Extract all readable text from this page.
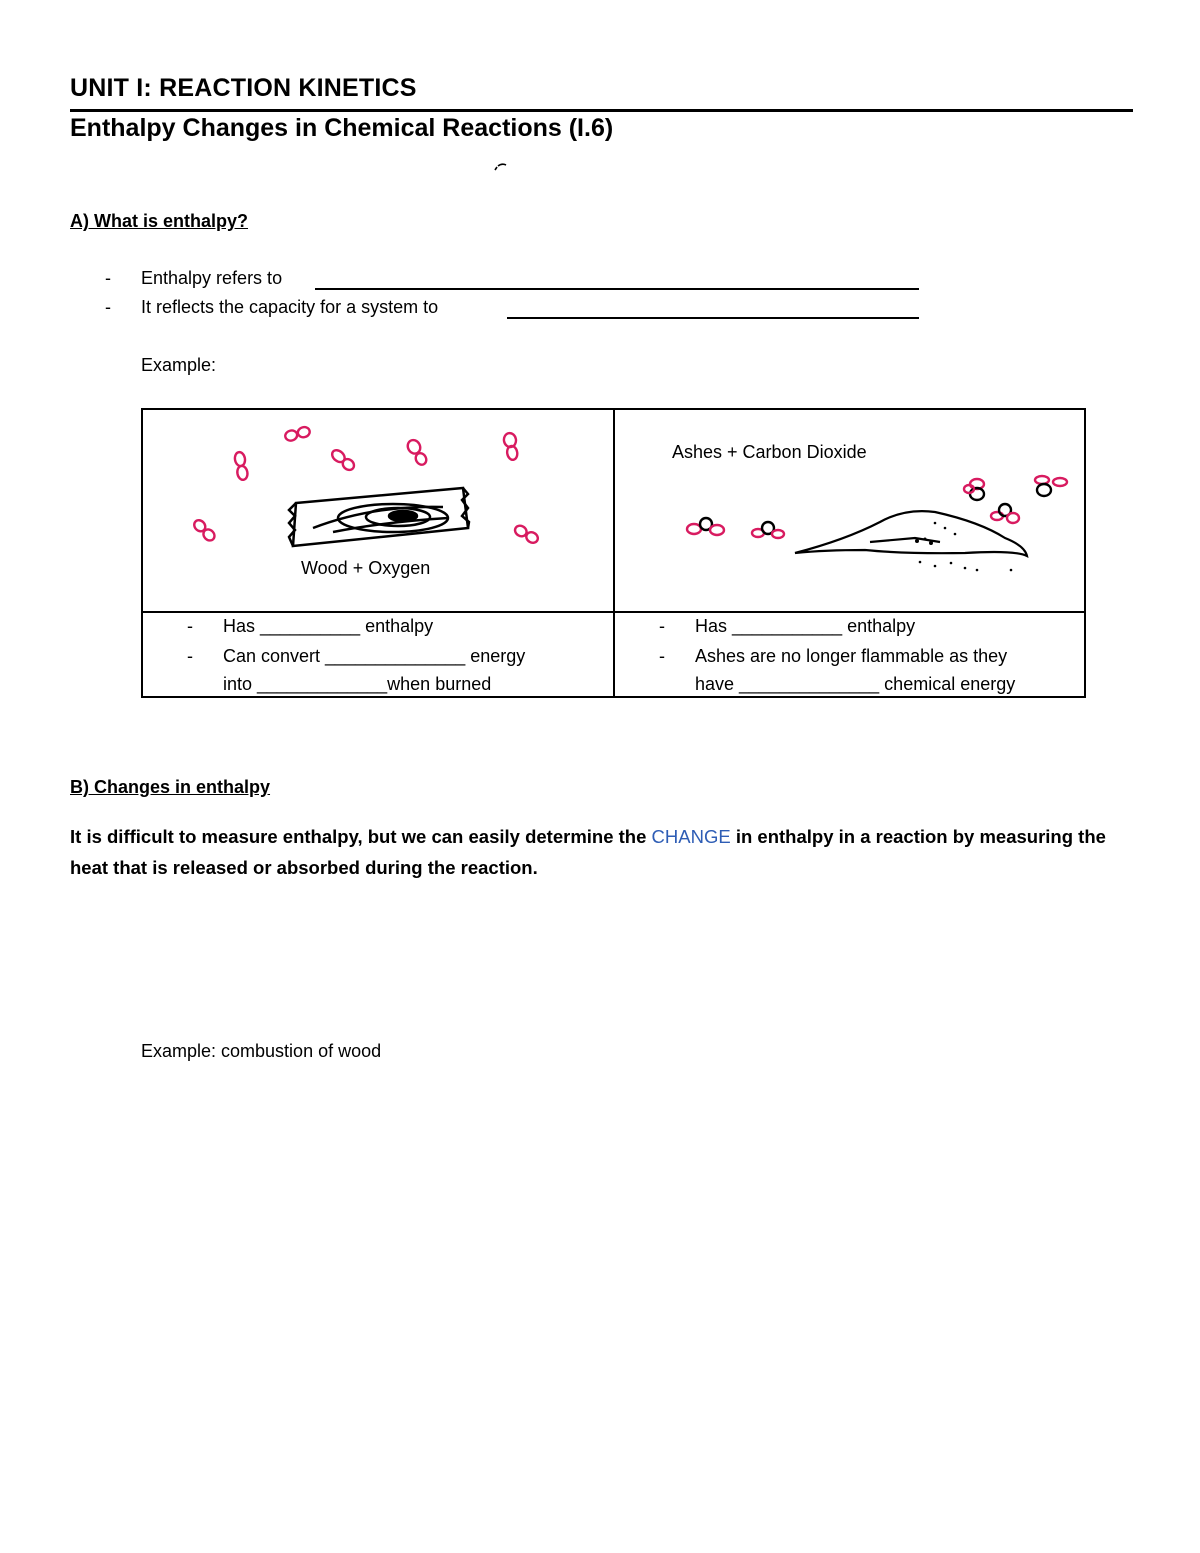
UNIT I: REACTION KINETICS
Enthalpy Changes in Chemical Reactions (I.6)
A) What is enthalpy?
- Enthalpy refers to
- It reflects the capacity for a system to
Example:
Wood + Oxygen
Ashes + Carbon Dioxide
- Has __________ enthalpy
- Can convert ______________ energy
into _____________when burned
- Has ___________ enthalpy
- Ashes are no longer flammable as they
have ______________ chemical energy
B) Changes in enthalpy
It is difficult to measure enthalpy, but we can easily determine the CHANGE in enthalpy in a reaction by measuring the heat that is released or absorbed during the reaction.
Example: combustion of wood
